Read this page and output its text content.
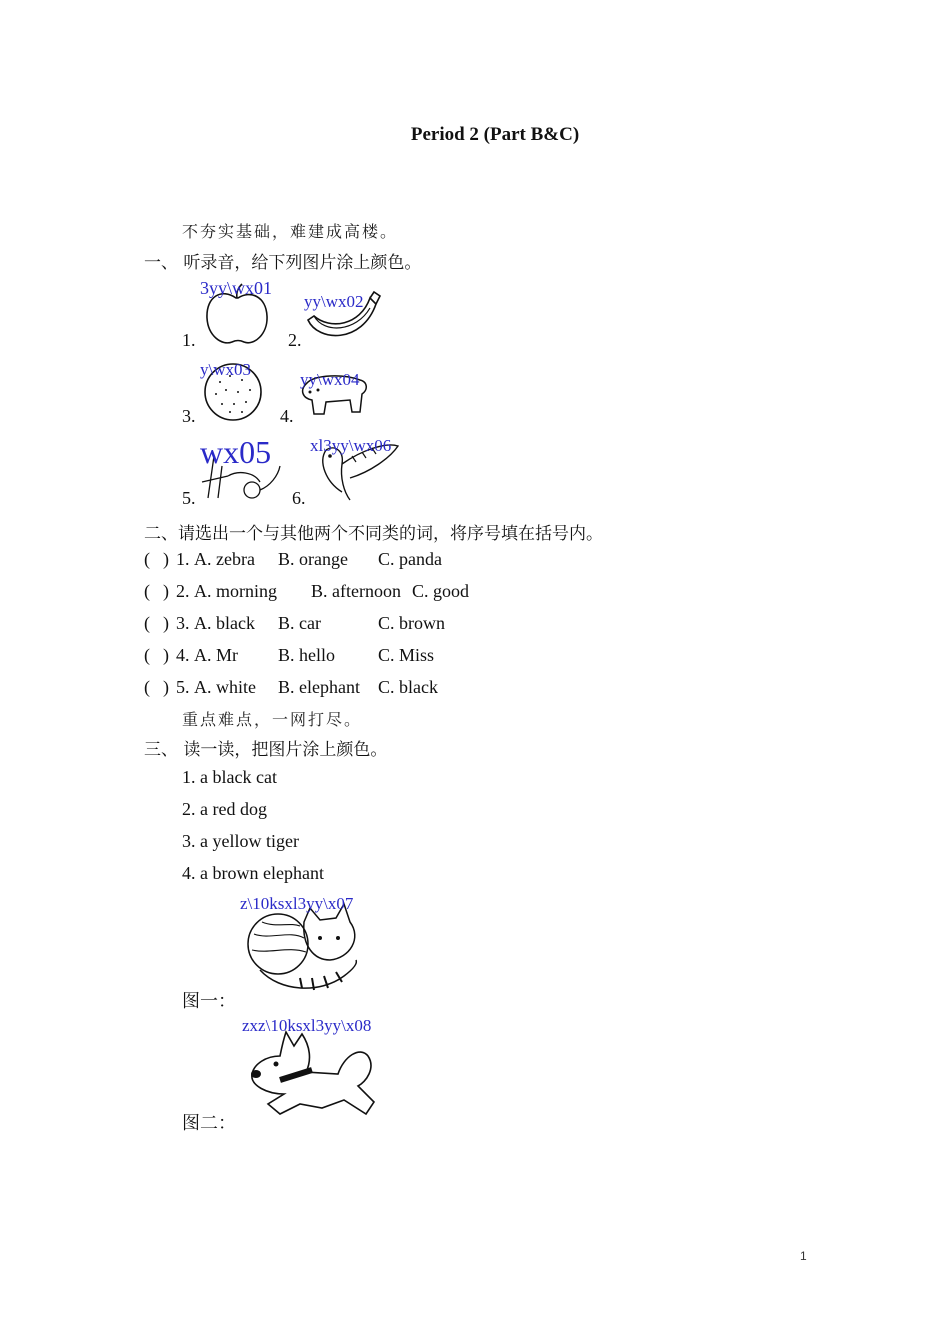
Period 2 (Part B&C)
不夯实基础，难建成高楼。
一、 听录音，给下列图片涂上颜色。
1.
3yy\wx01
2.
yy\wx02
3.
y\wx03
4.
yy\wx04
5.
wx05
6.
xl3yy\wx06
二、请选出一个与其他两个不同类的词，将序号填在括号内。
( ) 1. A. zebra B. orange C. panda
( ) 2. A. morning B. afternoon C. good
( ) 3. A. black B. car	C. brown
( ) 4. A. Mr B. hello C. Miss
( ) 5. A. white B. elephant C. black
重点难点，一网打尽。
三、 读一读，把图片涂上颜色。
1. a black cat
2. a red dog
3. a yellow tiger
4. a brown elephant
z\10ksxl3yy\x07
图一：
zxz\10ksxl3yy\x08
图二：
1
